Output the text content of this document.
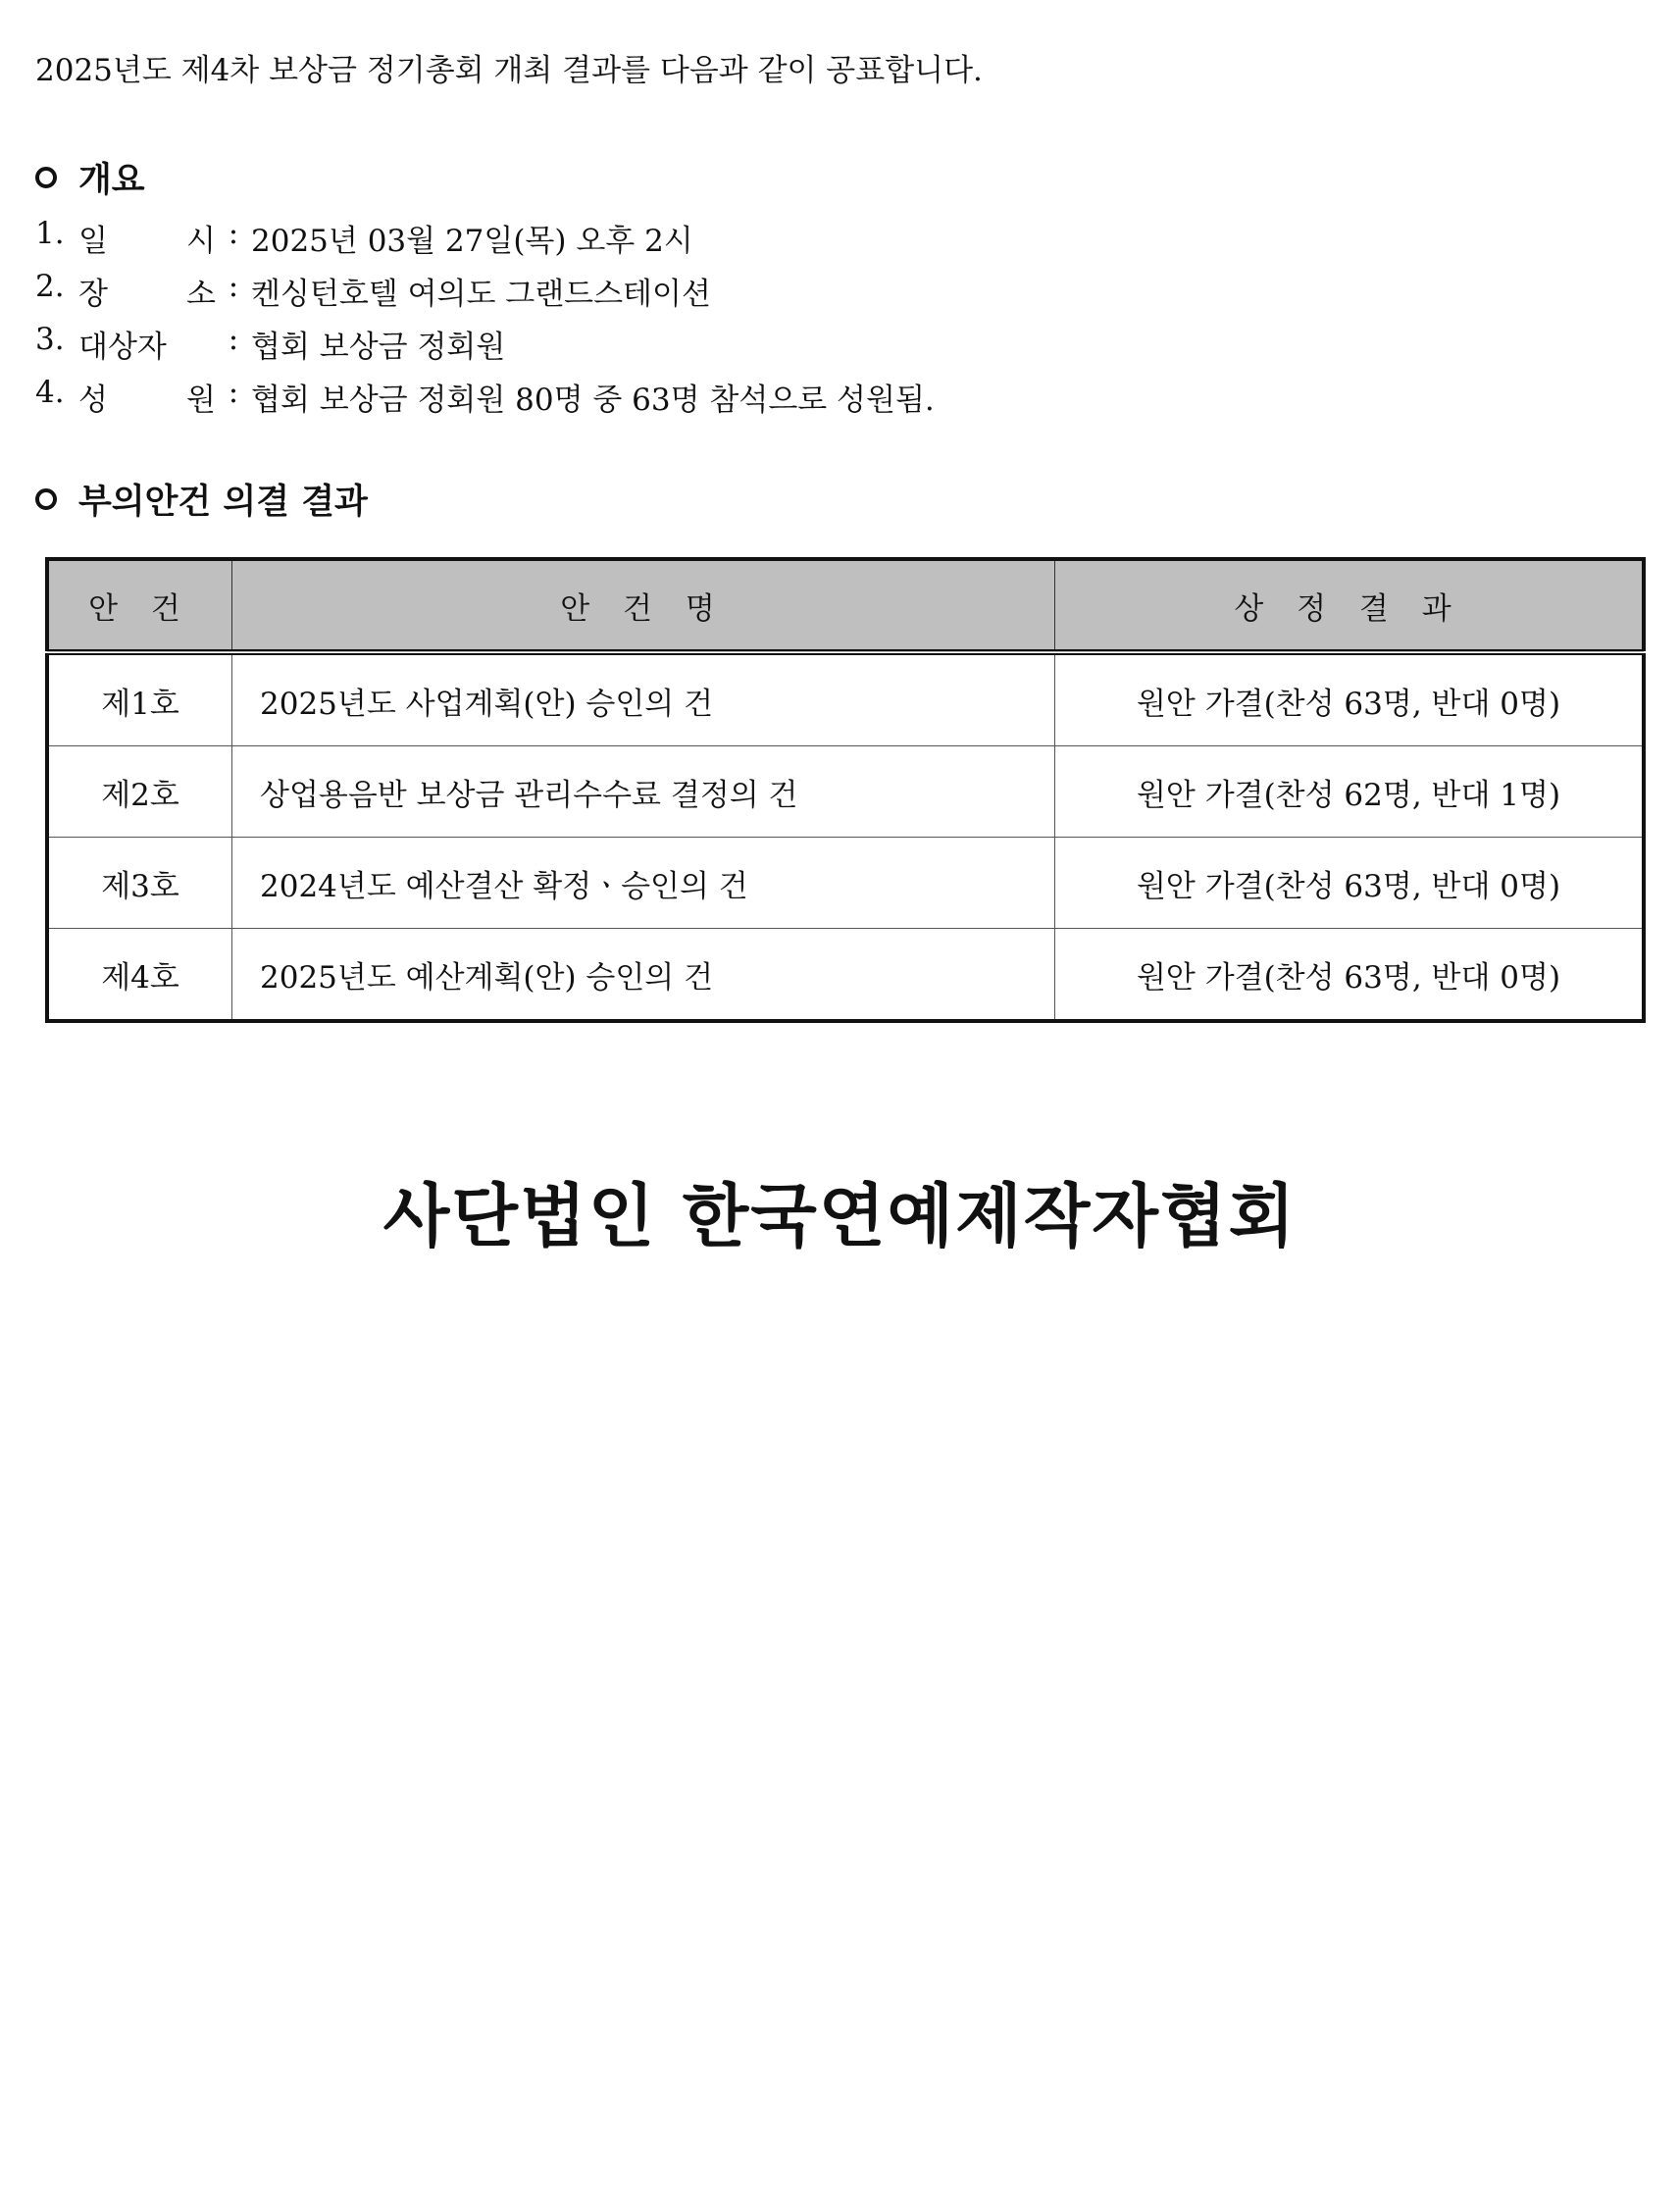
2025년도 제4차 보상금 정기총회 개최 결과를 다음과 같이 공표합니다.
개요
1. 일	시 : 2025년 03월 27일(목) 오후 2시
2. 장	소 : 켄싱턴호텔 여의도 그랜드스테이션
3. 대상자	: 협회 보상금 정회원
4. 성	원 : 협회 보상금 정회원 80명 중 63명 참석으로 성원됨.
부의안건 의결 결과
안 건	안 건 명	상 정 결 과
제1호	2025년도 사업계획(안) 승인의 건	원안 가결(찬성 63명, 반대 0명)
제2호	상업용음반 보상금 관리수수료 결정의 건	원안 가결(찬성 62명, 반대 1명)
제3호	2024년도 예산결산 확정ㆍ승인의 건	원안 가결(찬성 63명, 반대 0명)
제4호	2025년도 예산계획(안) 승인의 건	원안 가결(찬성 63명, 반대 0명)
사단법인 한국연예제작자협회
